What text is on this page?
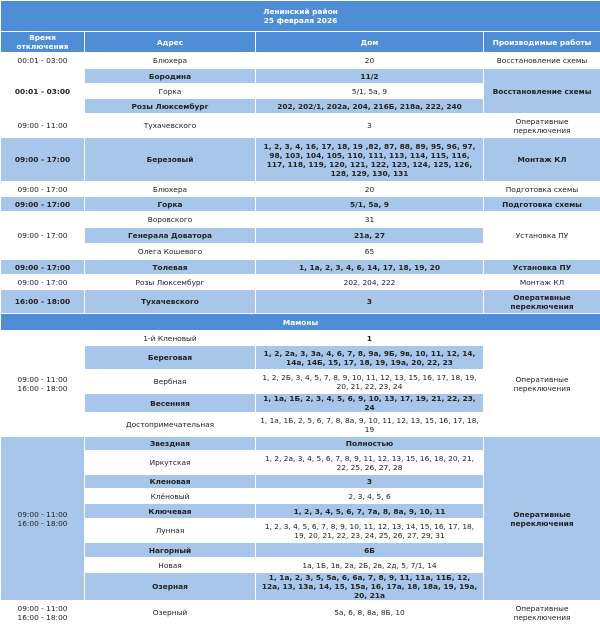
Ленинский район
25 февраля 2026			

Время отключения	Адрес	Дом	Производимые работы
00:01 - 03:00	Блюхера	20	Восстановление схемы
00:01 - 03:00	Бородина	11/2	Восстановление схемы
	Горка	5/1, 5а, 9	
	Розы Люксембург	202, 202/1, 202а, 204, 216Б, 218а, 222, 240	
09:00 - 11:00	Тухачевского	3	Оперативные переключения
09:00 - 17:00	Березовый	1, 2, 3, 4, 16, 17, 18, 19 ,82, 87, 88, 89, 95, 96, 97, 98, 103, 104, 105, 110, 111, 113, 114, 115, 116, 117, 118, 119, 120, 121, 122, 123, 124, 125, 126, 128, 129, 130, 131	Монтаж КЛ
09:00 - 17:00	Блюхера	20	Подготовка схемы
09:00 - 17:00	Горка	5/1, 5а, 9	Подготовка схемы
09:00 - 17:00	Воровского	31	Установка ПУ
	Генерала Доватора	21а, 27	
	Олега Кошевого	65	
09:00 - 17:00	Толевая	1, 1а, 2, 3, 4, 6, 14, 17, 18, 19, 20	Установка ПУ
09:00 - 17:00	Розы Люксембург	202, 204, 222	Монтаж КЛ
16:00 - 18:00	Тухачевского	3	Оперативные переключения
Мамоны			

09:00 - 11:00
16:00 - 18:00	1-й Кленовый	1	Оперативные переключения
	Береговая	1, 2, 2а, 3, 3а, 4, 6, 7, 8, 9а, 9Б, 9в, 10, 11, 12, 14, 14а, 14Б, 15, 17, 18, 19, 19а, 20, 22, 23	
	Вербная	1, 2, 2Б, 3, 4, 5, 7, 8, 9, 10, 11, 12, 13, 15, 16, 17, 18, 19, 20, 21, 22, 23, 24	
	Весенняя	1, 1а, 1Б, 2, 3, 4, 5, 6, 9, 10, 13, 17, 19, 21, 22, 23, 24	
	Достопримечательная	1, 1а, 1Б, 2, 5, 6, 7, 8, 8а, 9, 10, 11, 12, 13, 15, 16, 17, 18, 19	

09:00 - 11:00
16:00 - 18:00	Звездная	Полностью	Оперативные переключения
	Иркутская	1, 2, 2а, 3, 4, 5, 6, 7, 8, 9, 11, 12, 13, 15, 16, 18, 20, 21, 22, 25, 26, 27, 28	
	Кленовая	3	
	Клёновый	2, 3, 4, 5, 6	
	Ключевая	1, 2, 3, 4, 5, 6, 7, 7а, 8, 8а, 9, 10, 11	
	Лунная	1, 2, 3, 4, 5, 6, 7, 8, 9, 10, 11, 12, 13, 14, 15, 16, 17, 18, 19, 20, 21, 22, 23, 24, 25, 26, 27, 29, 31	
	Нагорный	6Б	
	Новая	1а, 1Б, 1в, 2а, 2Б, 2в, 2д, 5, 7/1, 14	
	Озерная	1, 1а, 2, 3, 5, 5а, 6, 6а, 7, 8, 9, 11, 11а, 11Б, 12, 12а, 13, 13а, 14, 15, 15а, 16, 17а, 18, 18а, 19, 19а, 20, 21а	

09:00 - 11:00
16:00 - 18:00	Озерный	5а, 6, 8, 8а, 8Б, 10	Оперативные переключения
